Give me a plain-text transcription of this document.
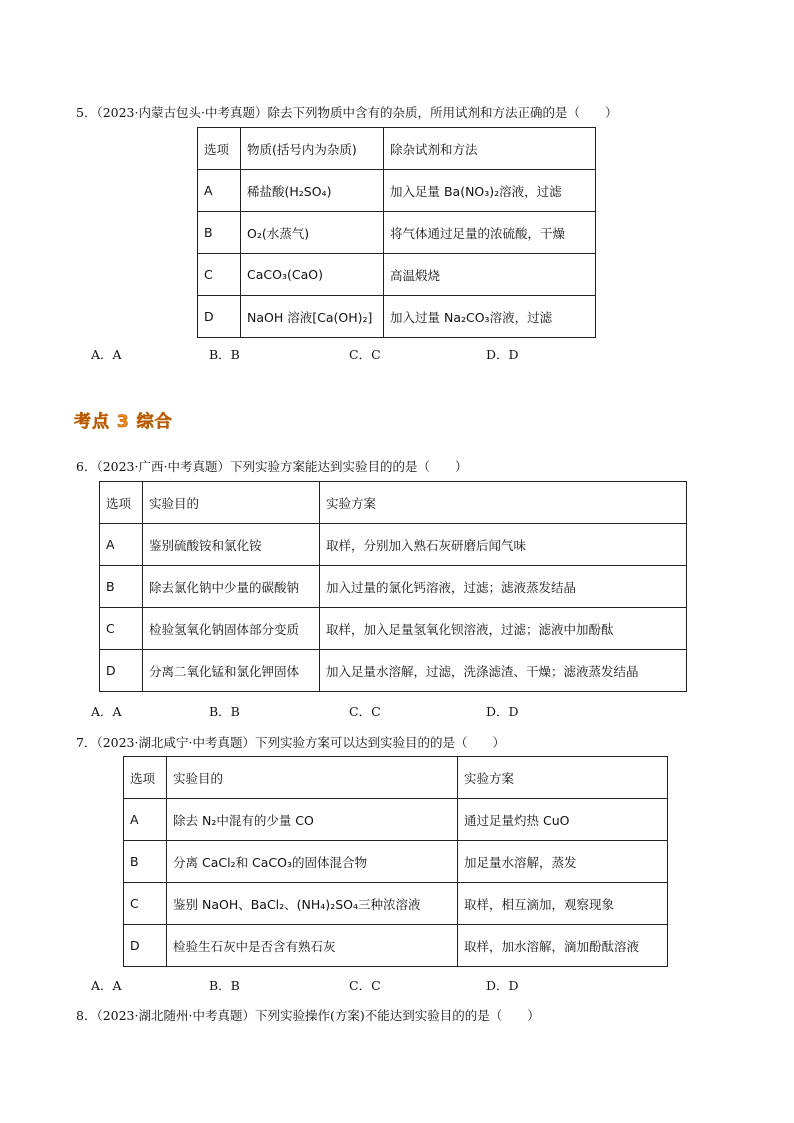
5．（2023·内蒙古包头·中考真题）除去下列物质中含有的杂质，所用试剂和方法正确的是（　　）
选项	物质(括号内为杂质)	除杂试剂和方法
A	稀盐酸(H₂SO₄)	加入足量 Ba(NO₃)₂溶液，过滤
B	O₂(水蒸气)	将气体通过足量的浓硫酸，干燥
C	CaCO₃(CaO)	高温煅烧
D	NaOH 溶液[Ca(OH)₂]	加入过量 Na₂CO₃溶液，过滤
A．A	B．B	C．C	D．D
考点 3 综合
6．（2023·广西·中考真题）下列实验方案能达到实验目的的是（　　）
选项	实验目的	实验方案
A	鉴别硫酸铵和氯化铵	取样，分别加入熟石灰研磨后闻气味
B	除去氯化钠中少量的碳酸钠	加入过量的氯化钙溶液，过滤；滤液蒸发结晶
C	检验氢氧化钠固体部分变质	取样，加入足量氢氧化钡溶液，过滤；滤液中加酚酞
D	分离二氧化锰和氯化钾固体	加入足量水溶解，过滤，洗涤滤渣、干燥；滤液蒸发结晶
A．A	B．B	C．C	D．D
7．（2023·湖北咸宁·中考真题）下列实验方案可以达到实验目的的是（　　）
选项	实验目的	实验方案
A	除去 N₂中混有的少量 CO	通过足量灼热 CuO
B	分离 CaCl₂和 CaCO₃的固体混合物	加足量水溶解，蒸发
C	鉴别 NaOH、BaCl₂、(NH₄)₂SO₄三种浓溶液	取样，相互滴加，观察现象
D	检验生石灰中是否含有熟石灰	取样，加水溶解，滴加酚酞溶液
A．A	B．B	C．C	D．D
8．（2023·湖北随州·中考真题）下列实验操作(方案)不能达到实验目的的是（　　）
